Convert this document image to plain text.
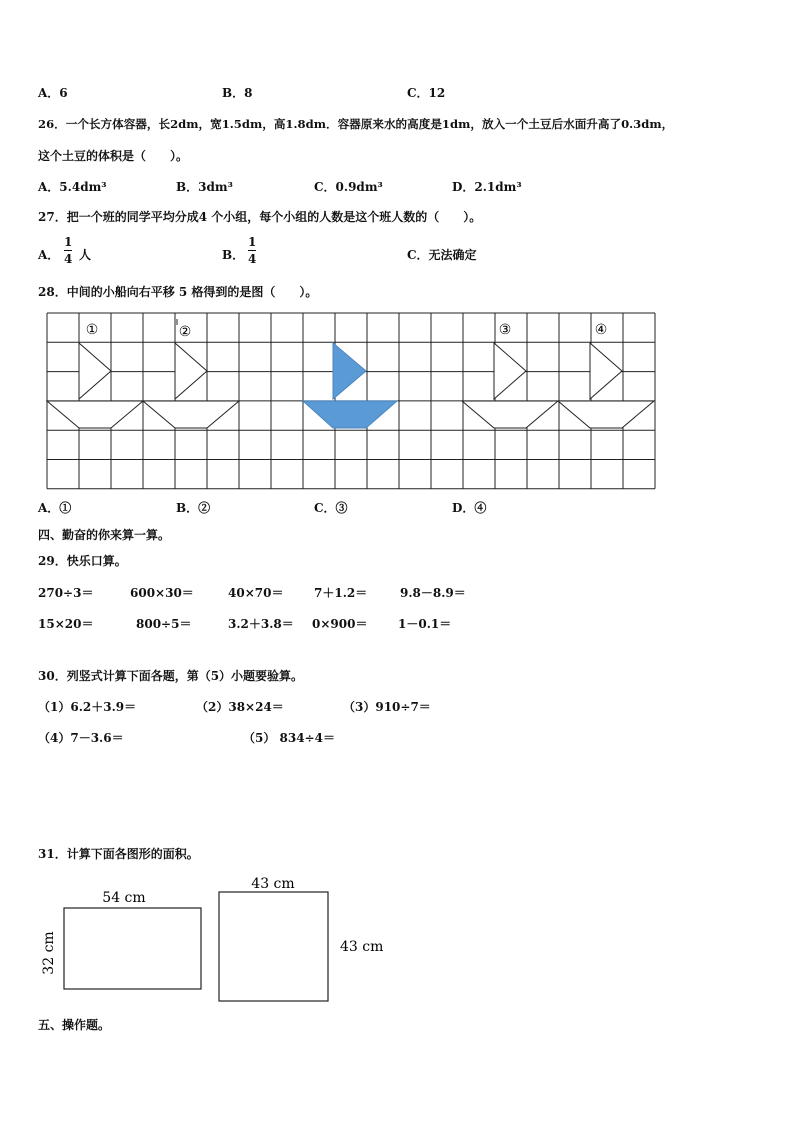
A．6	B．8	C．12
26．一个长方体容器，长2dm，宽1.5dm，高1.8dm．容器原来水的高度是1dm，放入一个土豆后水面升高了0.3dm，
这个土豆的体积是（　　）。
A．5.4dm³	B．3dm³	C．0.9dm³	D．2.1dm³
27．把一个班的同学平均分成4 个小组，每个小组的人数是这个班人数的（　　）。
A． $\frac{1}{4}$ 人	B． $\frac{1}{4}$	C．无法确定
28．中间的小船向右平移 5 格得到的是图（　　）。
①	②	③	④
A．①	B．②	C．③	D．④
四、勤奋的你来算一算。
29．快乐口算。
270÷3＝	600×30＝	40×70＝	7＋1.2＝	9.8－8.9＝
15×20＝	800÷5＝	3.2＋3.8＝ 0×900＝	1－0.1＝
30．列竖式计算下面各题，第（5）小题要验算。
（1）6.2＋3.9＝	（2）38×24＝	（3）910÷7＝
（4）7－3.6＝	（5） 834÷4＝
31．计算下面各图形的面积。
54 cm
32 cm
43 cm
43 cm
五、操作题。
